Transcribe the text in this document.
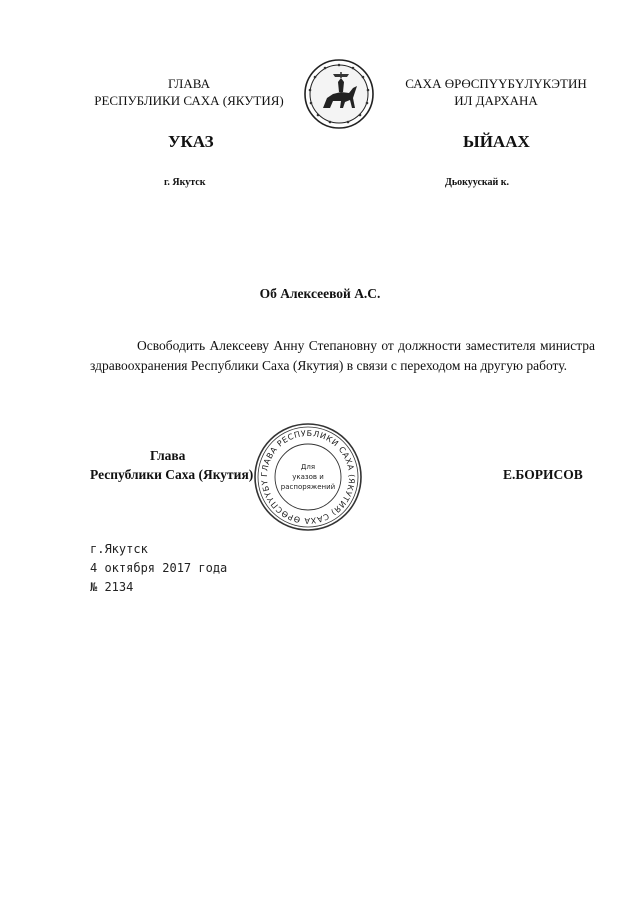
ГЛАВА
РЕСПУБЛИКИ САХА (ЯКУТИЯ)
САХА ӨРӨСПҮҮБҮЛҮКЭТИН
ИЛ ДАРХАНА
УКАЗ	ЫЙААХ
г. Якутск	Дьокуускай к.
Об Алексеевой А.С.
Освободить Алексееву Анну Степановну от должности заместителя министра здравоохранения Республики Саха (Якутия) в связи с переходом на другую работу.
Глава
Республики Саха (Якутия) ГЛАВА РЕСПУБЛИКИ САХА (ЯКУТИЯ) САХА ӨРӨСПҮҮБҮ
Для
указов и
распоряжений
Е.БОРИСОВ
г.Якутск
4 октября 2017 года
№ 2134
